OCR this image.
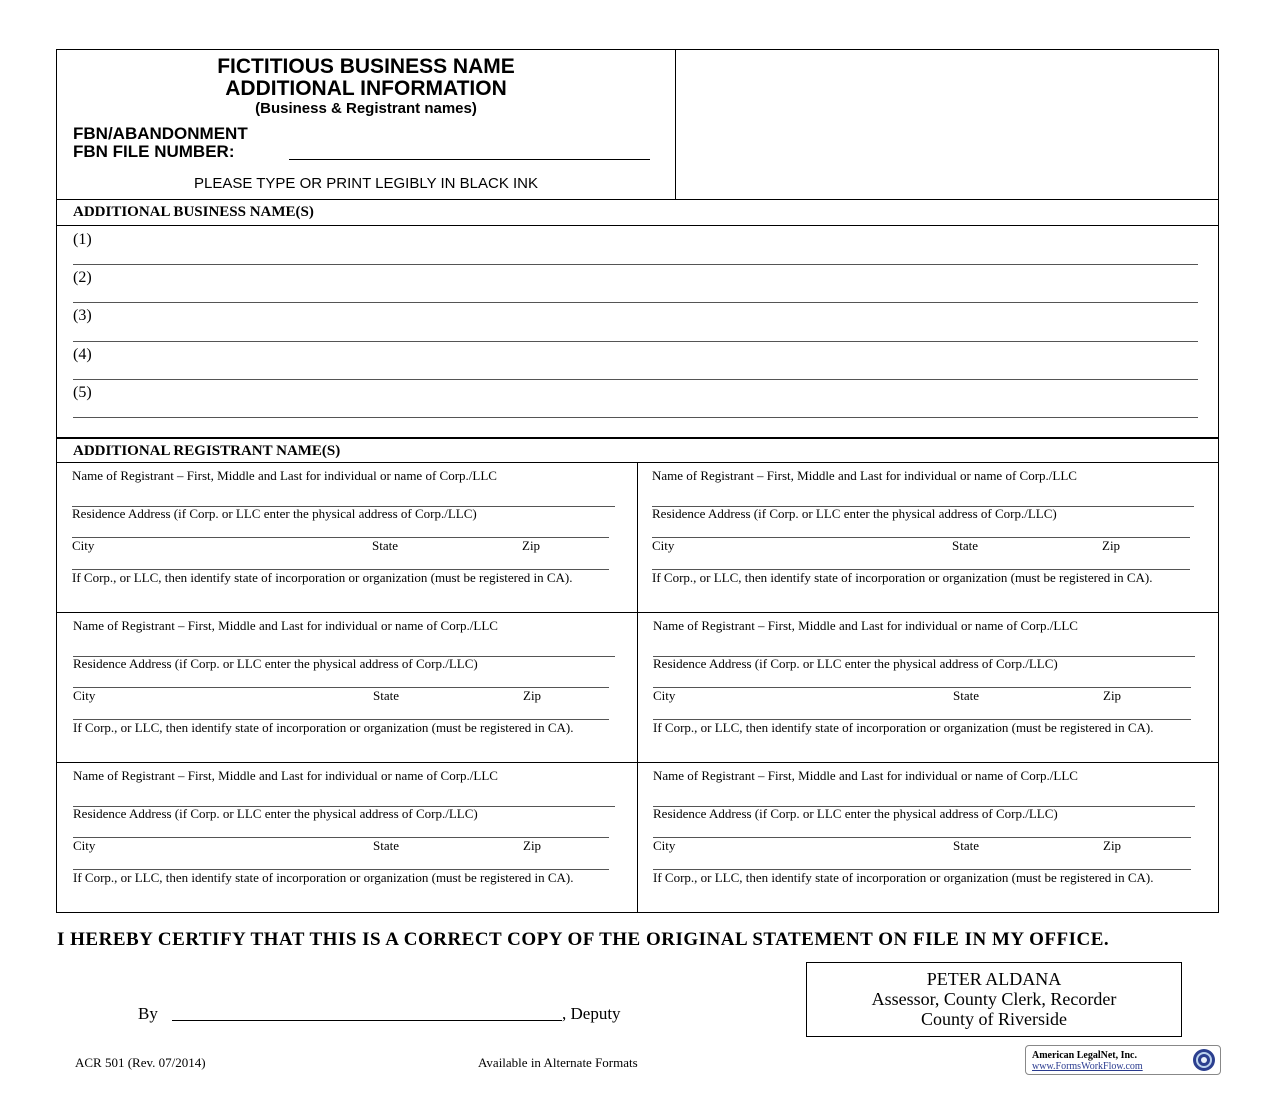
FICTITIOUS BUSINESS NAME
ADDITIONAL INFORMATION
(Business & Registrant names)
FBN/ABANDONMENT
FBN FILE NUMBER:
PLEASE TYPE OR PRINT LEGIBLY IN BLACK INK
ADDITIONAL BUSINESS NAME(S)
(1)
(2)
(3)
(4)
(5)
ADDITIONAL REGISTRANT NAME(S)
Name of Registrant – First, Middle and Last for individual or name of Corp./LLC
Residence Address (if Corp. or LLC enter the physical address of Corp./LLC)
City	State	Zip
If Corp., or LLC, then identify state of incorporation or organization (must be registered in CA).
Name of Registrant – First, Middle and Last for individual or name of Corp./LLC
Residence Address (if Corp. or LLC enter the physical address of Corp./LLC)
City	State	Zip
If Corp., or LLC, then identify state of incorporation or organization (must be registered in CA).
Name of Registrant – First, Middle and Last for individual or name of Corp./LLC
Residence Address (if Corp. or LLC enter the physical address of Corp./LLC)
City	State	Zip
If Corp., or LLC, then identify state of incorporation or organization (must be registered in CA).
Name of Registrant – First, Middle and Last for individual or name of Corp./LLC
Residence Address (if Corp. or LLC enter the physical address of Corp./LLC)
City	State	Zip
If Corp., or LLC, then identify state of incorporation or organization (must be registered in CA).
Name of Registrant – First, Middle and Last for individual or name of Corp./LLC
Residence Address (if Corp. or LLC enter the physical address of Corp./LLC)
City	State	Zip
If Corp., or LLC, then identify state of incorporation or organization (must be registered in CA).
Name of Registrant – First, Middle and Last for individual or name of Corp./LLC
Residence Address (if Corp. or LLC enter the physical address of Corp./LLC)
City	State	Zip
If Corp., or LLC, then identify state of incorporation or organization (must be registered in CA).
I HEREBY CERTIFY THAT THIS IS A CORRECT COPY OF THE ORIGINAL STATEMENT ON FILE IN MY OFFICE.
By	, Deputy
PETER ALDANA
Assessor, County Clerk, Recorder
County of Riverside
ACR 501 (Rev. 07/2014)	Available in Alternate Formats	American LegalNet, Inc.
www.FormsWorkFlow.com
